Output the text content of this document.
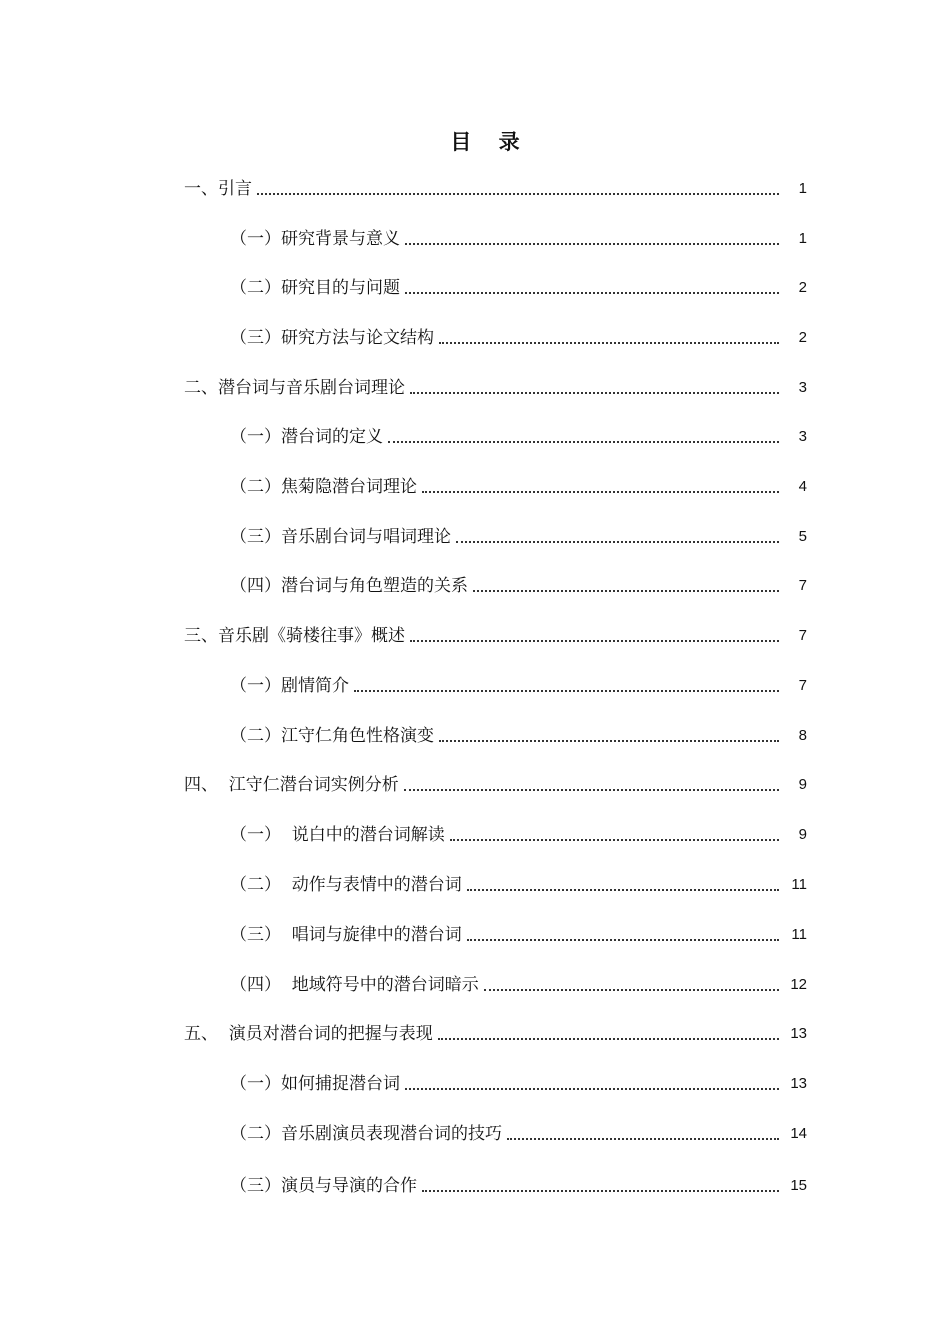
目 录
一、引言	1
（一）研究背景与意义	1
（二）研究目的与问题	2
（三）研究方法与论文结构	2
二、潜台词与音乐剧台词理论	3
（一）潜台词的定义	3
（二）焦菊隐潜台词理论	4
（三）音乐剧台词与唱词理论	5
（四）潜台词与角色塑造的关系	7
三、音乐剧《骑楼往事》概述	7
（一）剧情简介	7
（二）江守仁角色性格演变	8
四、  江守仁潜台词实例分析	9
（一）  说白中的潜台词解读	9
（二）  动作与表情中的潜台词	11
（三）  唱词与旋律中的潜台词	11
（四）  地域符号中的潜台词暗示	12
五、  演员对潜台词的把握与表现	13
（一）如何捕捉潜台词	13
（二）音乐剧演员表现潜台词的技巧	14
（三）演员与导演的合作	15
